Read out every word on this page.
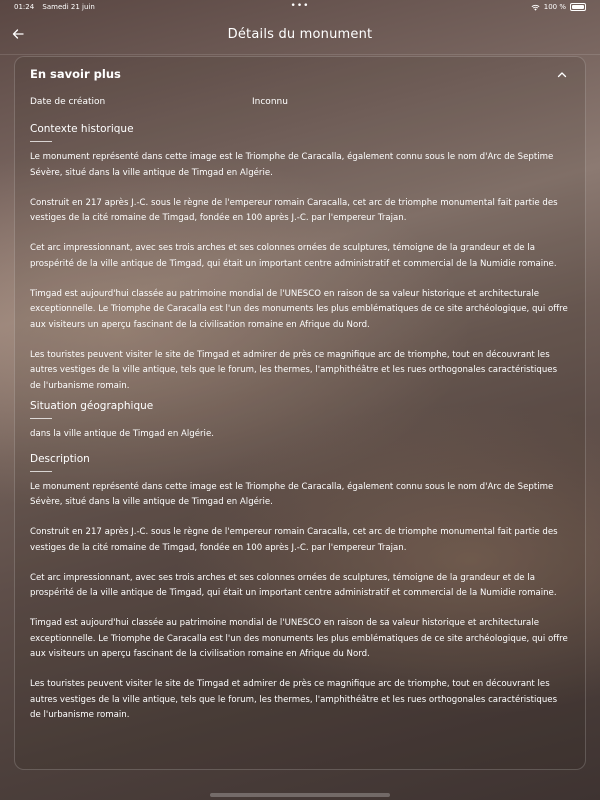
01:24 Samedi 21 juin	•••	100 %
Détails du monument
En savoir plus
Date de création	Inconnu
Contexte historique

Le monument représenté dans cette image est le Triomphe de Caracalla, également connu sous le nom d'Arc de Septime Sévère, situé dans la ville antique de Timgad en Algérie.

Construit en 217 après J.-C. sous le règne de l'empereur romain Caracalla, cet arc de triomphe monumental fait partie des vestiges de la cité romaine de Timgad, fondée en 100 après J.-C. par l'empereur Trajan.

Cet arc impressionnant, avec ses trois arches et ses colonnes ornées de sculptures, témoigne de la grandeur et de la prospérité de la ville antique de Timgad, qui était un important centre administratif et commercial de la Numidie romaine.

Timgad est aujourd'hui classée au patrimoine mondial de l'UNESCO en raison de sa valeur historique et architecturale exceptionnelle. Le Triomphe de Caracalla est l'un des monuments les plus emblématiques de ce site archéologique, qui offre aux visiteurs un aperçu fascinant de la civilisation romaine en Afrique du Nord.

Les touristes peuvent visiter le site de Timgad et admirer de près ce magnifique arc de triomphe, tout en découvrant les autres vestiges de la ville antique, tels que le forum, les thermes, l'amphithéâtre et les rues orthogonales caractéristiques de l'urbanisme romain.

Situation géographique

dans la ville antique de Timgad en Algérie.

Description

Le monument représenté dans cette image est le Triomphe de Caracalla, également connu sous le nom d'Arc de Septime Sévère, situé dans la ville antique de Timgad en Algérie.

Construit en 217 après J.-C. sous le règne de l'empereur romain Caracalla, cet arc de triomphe monumental fait partie des vestiges de la cité romaine de Timgad, fondée en 100 après J.-C. par l'empereur Trajan.

Cet arc impressionnant, avec ses trois arches et ses colonnes ornées de sculptures, témoigne de la grandeur et de la prospérité de la ville antique de Timgad, qui était un important centre administratif et commercial de la Numidie romaine.

Timgad est aujourd'hui classée au patrimoine mondial de l'UNESCO en raison de sa valeur historique et architecturale exceptionnelle. Le Triomphe de Caracalla est l'un des monuments les plus emblématiques de ce site archéologique, qui offre aux visiteurs un aperçu fascinant de la civilisation romaine en Afrique du Nord.

Les touristes peuvent visiter le site de Timgad et admirer de près ce magnifique arc de triomphe, tout en découvrant les autres vestiges de la ville antique, tels que le forum, les thermes, l'amphithéâtre et les rues orthogonales caractéristiques de l'urbanisme romain.
